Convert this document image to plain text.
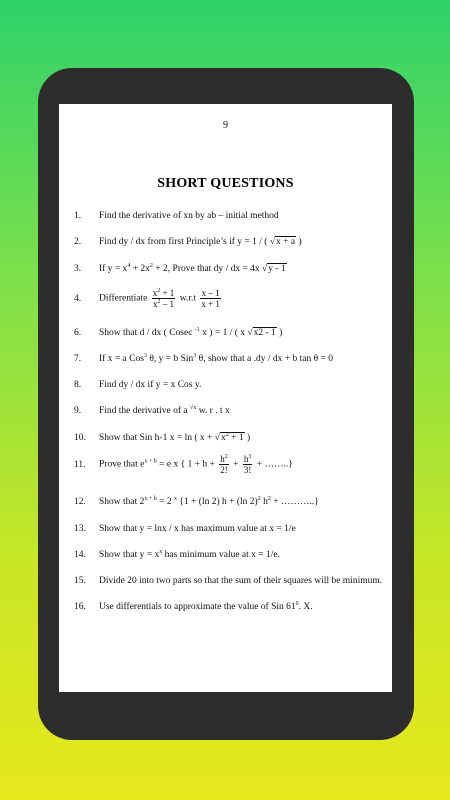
9
SHORT QUESTIONS
1. Find the derivative of xn by ab – initial method
2. Find dy / dx from first Principle’s if y = 1 / ( √x + a )
3. If $y = x^4 + 2x^2 + 2$, Prove that dy / dx = 4x √y - 1
4. Differentiate $\frac{x^2 + 1}{x^2 - 1} w.r.t \frac{x - 1}{x + 1}$
6. Show that d / dx ( Cosec $^{-1}$ x ) = 1 / ( x √x2 - 1 )
7. If x = a Cos$^3$ θ, y = b Sin$^3$ θ, show that a .dy / dx + b tan θ = 0
8. Find dy / dx if y = x Cos y.
9. Find the derivative of a $^{√x}$ w. r . t x
10. Show that Sin h-1 x = ln ( $x + √x^2 + 1$ )
11. Prove that $e^{x + h} = e$ x { $1 + h + \frac{h^2}{2!} + \frac{h^3}{3!}$ + ……..}
12. Show that $2^{x + h} = 2$ $^x$ {1 + (ln 2) h + (ln 2)$^2$ $h^2$ + ………..}
13. Show that y = lnx / x has maximum value at x = 1/e
14. Show that $y = x^x$ has minimum value at x = 1/e.
15. Divide 20 into two parts so that the sum of their squares will be minimum.
16. Use differentials to approximate the value of Sin $61^0$. X.
